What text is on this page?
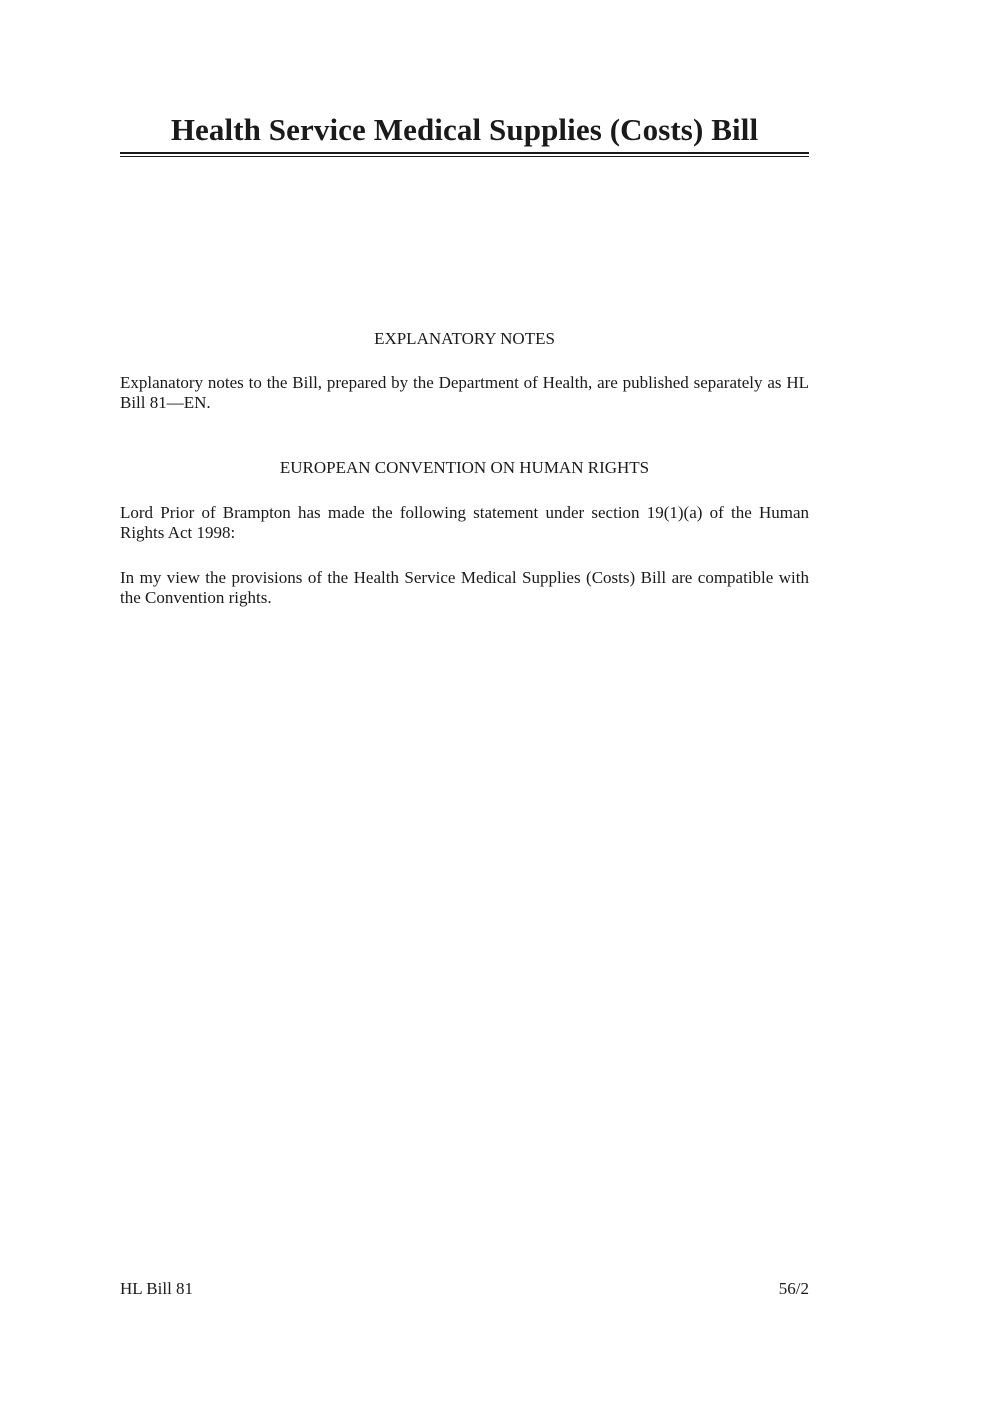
Health Service Medical Supplies (Costs) Bill
EXPLANATORY NOTES

Explanatory notes to the Bill, prepared by the Department of Health, are published separately as HL Bill 81—EN.

EUROPEAN CONVENTION ON HUMAN RIGHTS

Lord Prior of Brampton has made the following statement under section 19(1)(a) of the Human Rights Act 1998:

In my view the provisions of the Health Service Medical Supplies (Costs) Bill are compatible with the Convention rights.

HL Bill 81	56/2
